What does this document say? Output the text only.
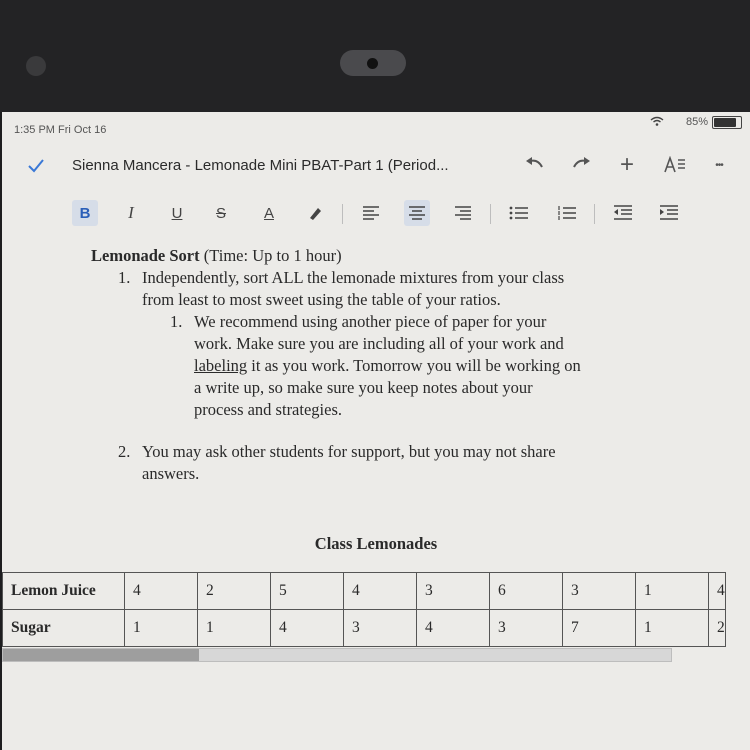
1:35 PM Fri Oct 16
85%
Sienna Mancera - Lemonade Mini PBAT-Part 1 (Period...	+	•••
B	I	U	S	A
Lemonade Sort (Time: Up to 1 hour)
1. Independently, sort ALL the lemonade mixtures from your class
from least to most sweet using the table of your ratios.
1. We recommend using another piece of paper for your
work. Make sure you are including all of your work and
labeling it as you work. Tomorrow you will be working on
a write up, so make sure you keep notes about your
process and strategies.
2. You may ask other students for support, but you may not share
answers.
Class Lemonades
Lemon Juice	4	2	5	4	3	6	3	1	4
Sugar	1	1	4	3	4	3	7	1	2
